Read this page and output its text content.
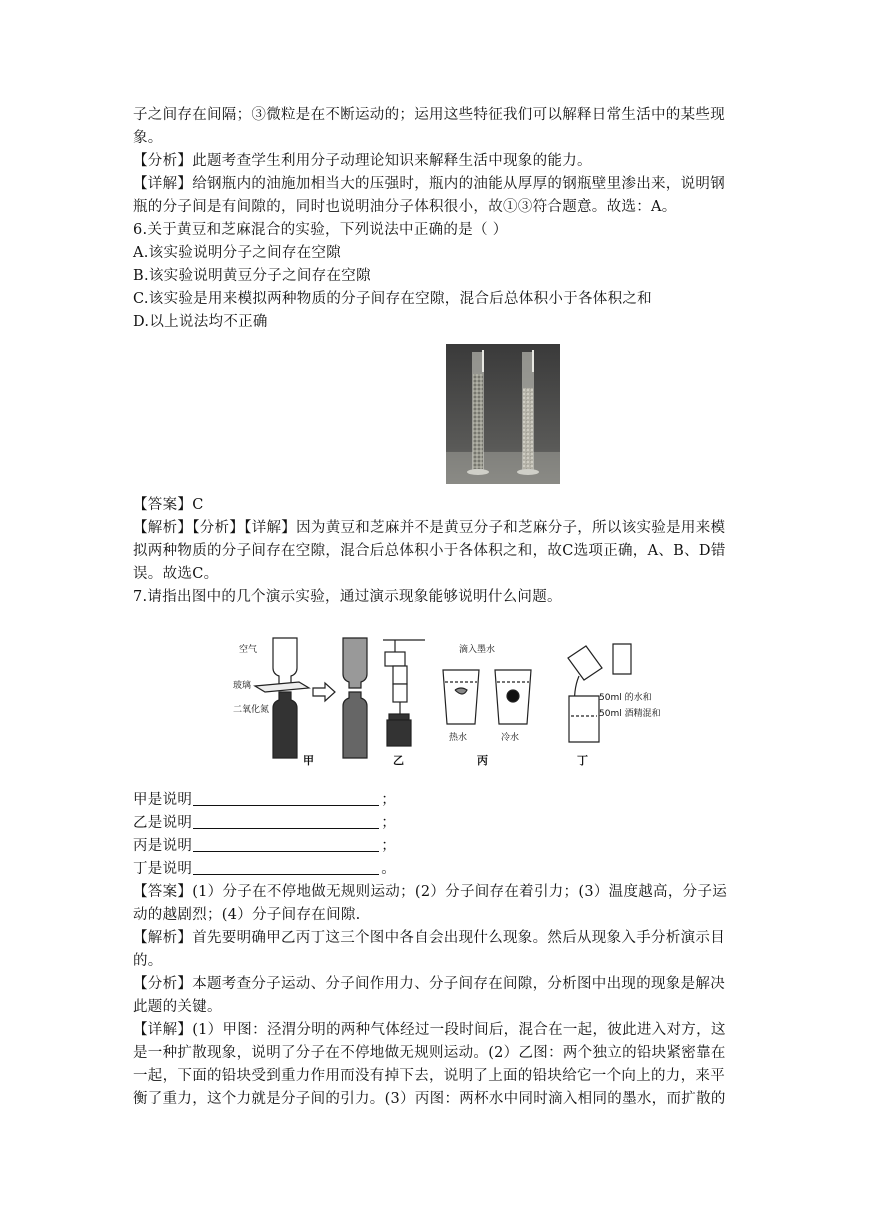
子之间存在间隔；③微粒是在不断运动的；运用这些特征我们可以解释日常生活中的某些现
象。
【分析】此题考查学生利用分子动理论知识来解释生活中现象的能力。
【详解】给钢瓶内的油施加相当大的压强时，瓶内的油能从厚厚的钢瓶壁里渗出来，说明钢
瓶的分子间是有间隙的，同时也说明油分子体积很小，故①③符合题意。故选：A。
6.关于黄豆和芝麻混合的实验，下列说法中正确的是（ ）
A.该实验说明分子之间存在空隙
B.该实验说明黄豆分子之间存在空隙
C.该实验是用来模拟两种物质的分子间存在空隙，混合后总体积小于各体积之和
D.以上说法均不正确
【答案】C
【解析】【分析】【详解】因为黄豆和芝麻并不是黄豆分子和芝麻分子，所以该实验是用来模
拟两种物质的分子间存在空隙，混合后总体积小于各体积之和，故C选项正确，A、B、D错
误。故选C。
7.请指出图中的几个演示实验，通过演示现象能够说明什么问题。
空气
玻璃
二氧化氮
滴入墨水
热水	冷水
50ml 的水和
50ml 酒精混和
甲	乙	丙	丁
甲是说明	；
乙是说明	；
丙是说明	；
丁是说明	。
【答案】(1）分子在不停地做无规则运动；(2）分子间存在着引力；(3）温度越高，分子运
动的越剧烈；(4）分子间存在间隙.
【解析】首先要明确甲乙丙丁这三个图中各自会出现什么现象。然后从现象入手分析演示目
的。
【分析】本题考查分子运动、分子间作用力、分子间存在间隙，分析图中出现的现象是解决
此题的关键。
【详解】(1）甲图：泾渭分明的两种气体经过一段时间后，混合在一起，彼此进入对方，这
是一种扩散现象，说明了分子在不停地做无规则运动。(2）乙图：两个独立的铅块紧密靠在
一起，下面的铅块受到重力作用而没有掉下去，说明了上面的铅块给它一个向上的力，来平
衡了重力，这个力就是分子间的引力。(3）丙图：两杯水中同时滴入相同的墨水，而扩散的
